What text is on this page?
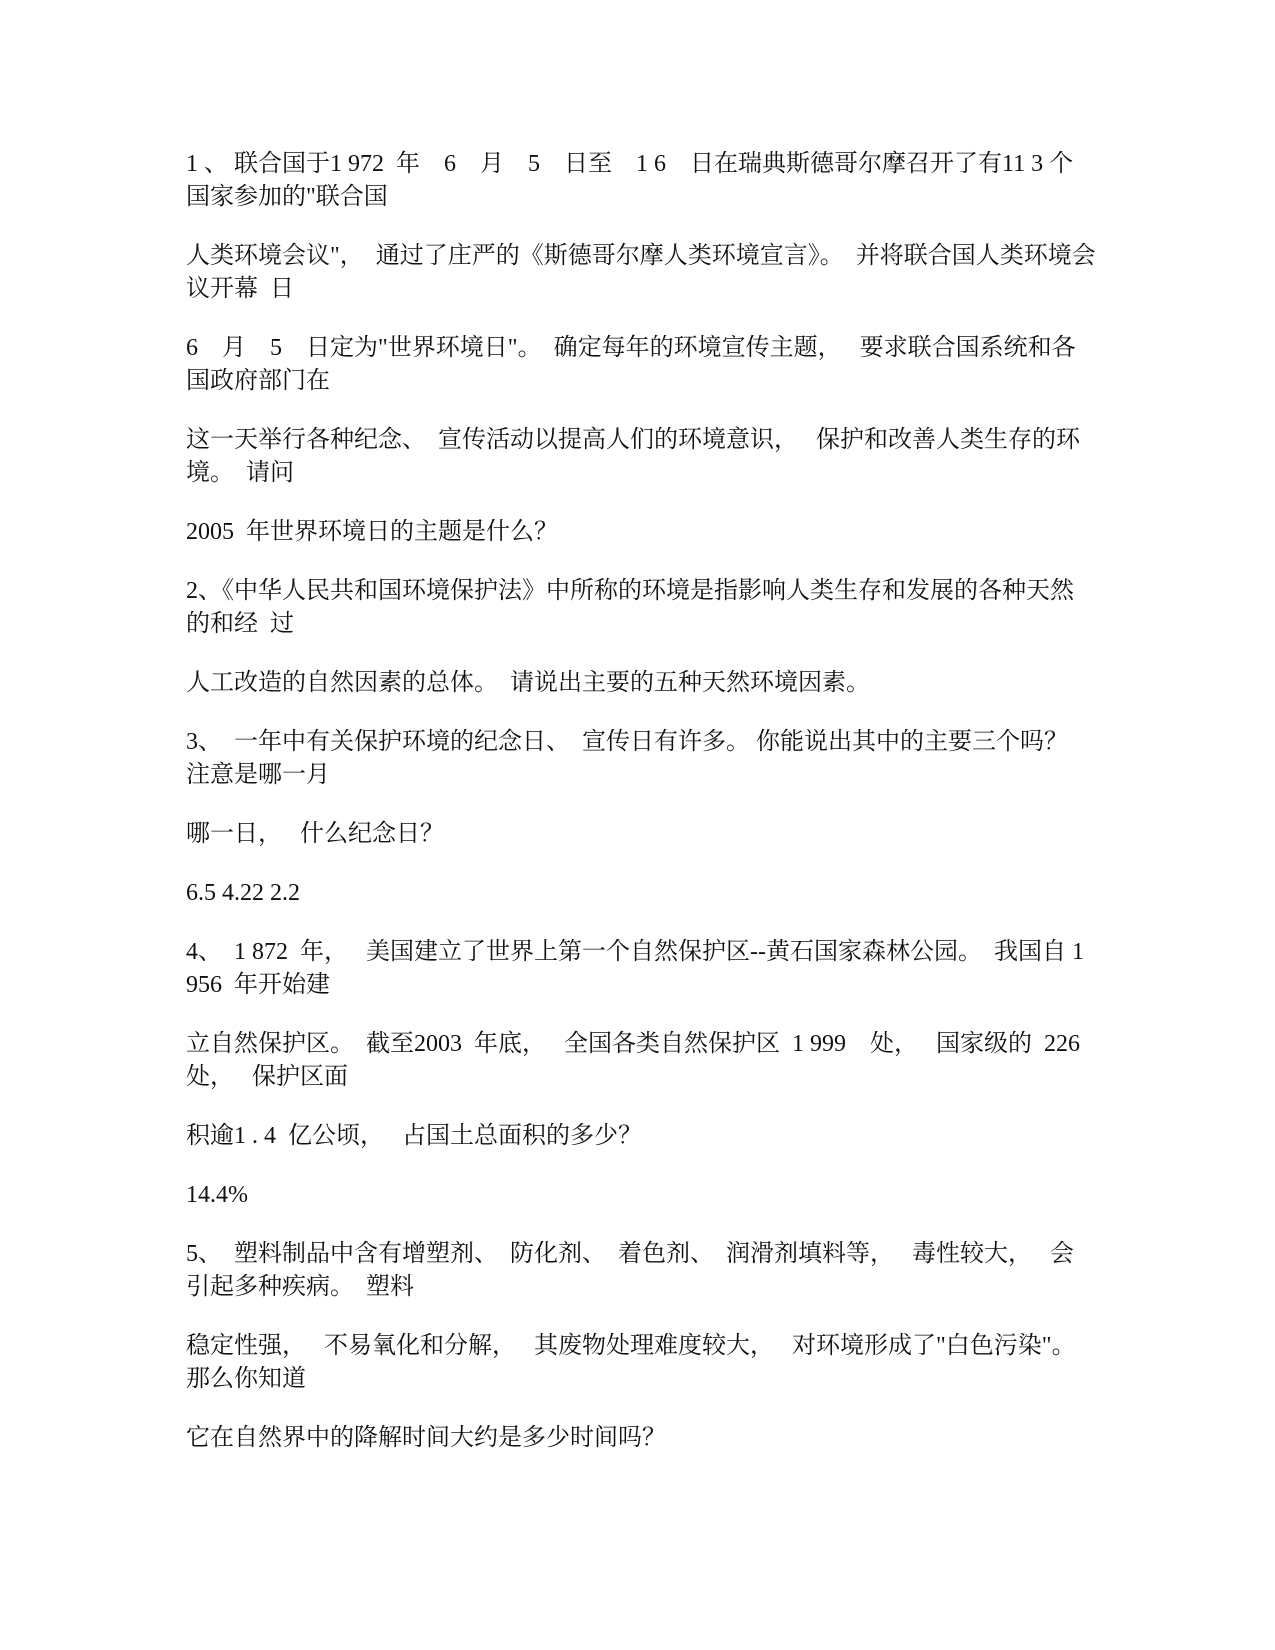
1 、 联合国于1 972  年    6    月    5    日至    1 6    日在瑞典斯德哥尔摩召开了有11 3 个国家参加的"联合国

人类环境会议"，  通过了庄严的《斯德哥尔摩人类环境宣言》。  并将联合国人类环境会议开幕  日

6    月    5    日定为"世界环境日"。  确定每年的环境宣传主题，   要求联合国系统和各国政府部门在

这一天举行各种纪念、  宣传活动以提高人们的环境意识，   保护和改善人类生存的环境。  请问

2005  年世界环境日的主题是什么？

2、《中华人民共和国环境保护法》中所称的环境是指影响人类生存和发展的各种天然的和经  过

人工改造的自然因素的总体。  请说出主要的五种天然环境因素。

3、  一年中有关保护环境的纪念日、  宣传日有许多。 你能说出其中的主要三个吗？ 注意是哪一月

哪一日，   什么纪念日？

6.5 4.22 2.2

4、  1 872  年，   美国建立了世界上第一个自然保护区--黄石国家森林公园。  我国自 1 956  年开始建

立自然保护区。  截至2003  年底，   全国各类自然保护区  1 999    处，   国家级的  226  处，   保护区面

积逾1 . 4  亿公顷，   占国土总面积的多少？

14.4%

5、  塑料制品中含有增塑剂、  防化剂、  着色剂、  润滑剂填料等，   毒性较大，   会引起多种疾病。  塑料

稳定性强，   不易氧化和分解，   其废物处理难度较大，   对环境形成了"白色污染"。 那么你知道

它在自然界中的降解时间大约是多少时间吗？
